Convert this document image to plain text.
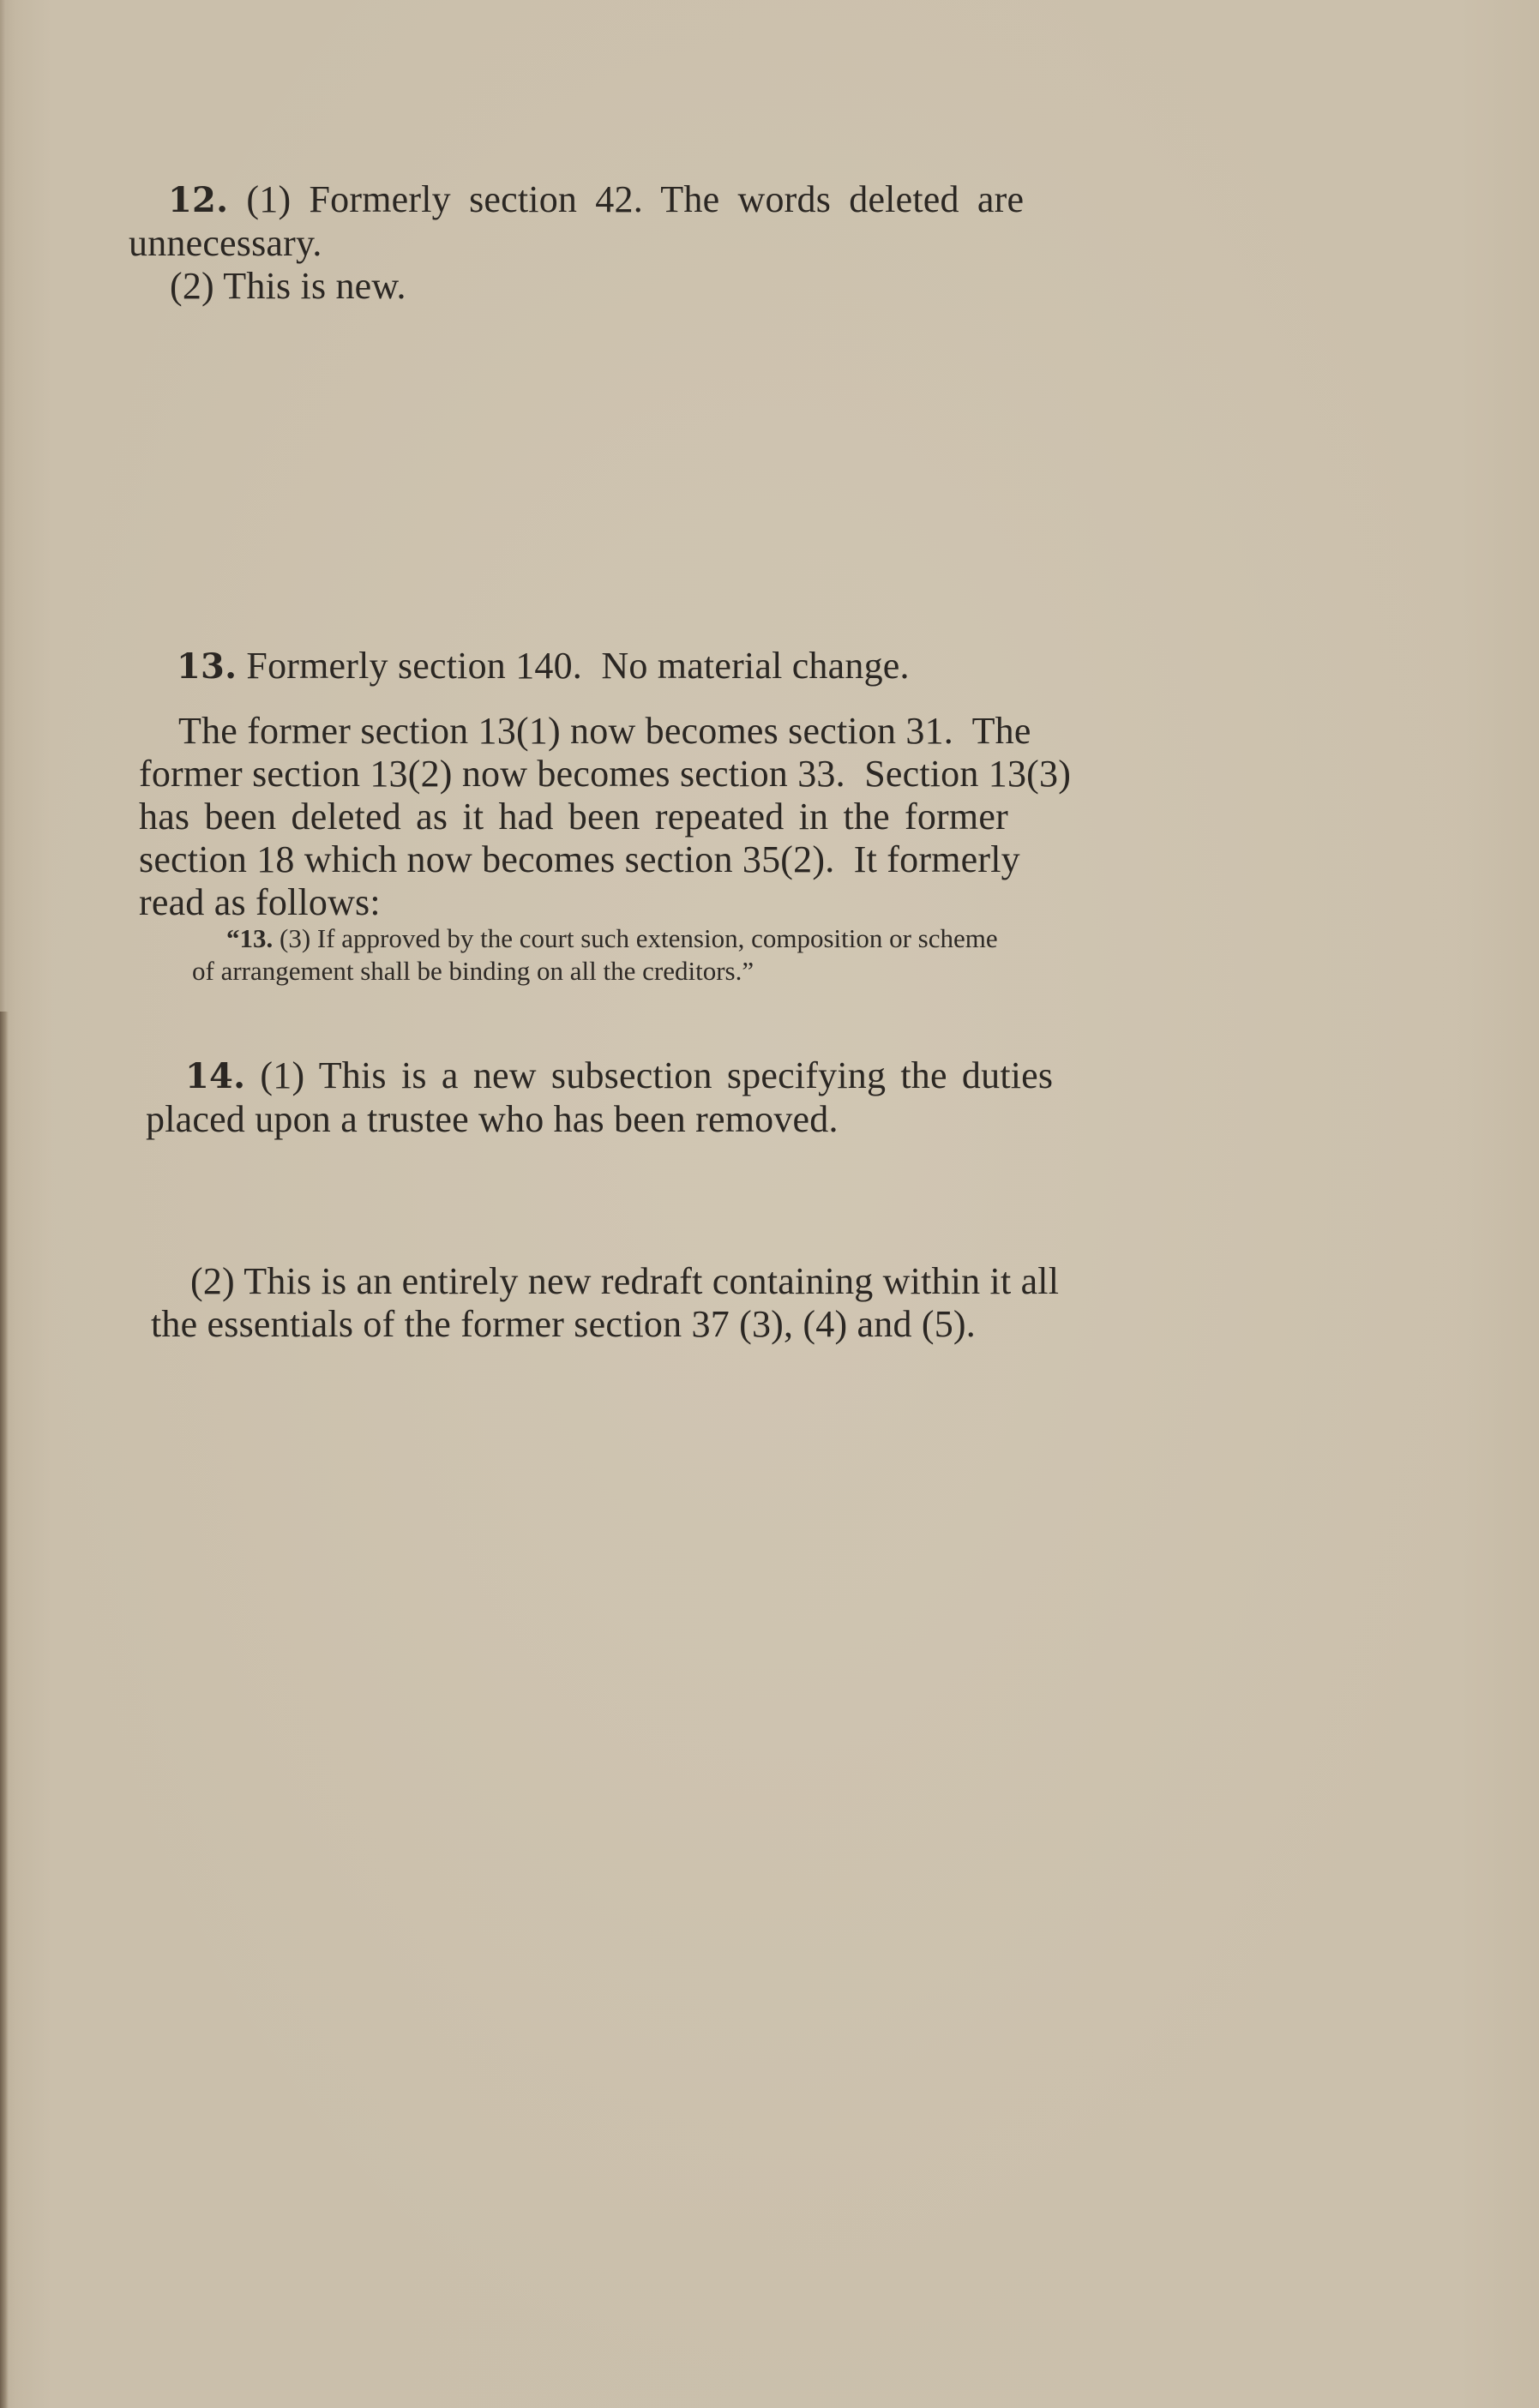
12. (1) Formerly section 42. The words deleted are
unnecessary.
(2) This is new.
13. Formerly section 140.  No material change.
The former section 13(1) now becomes section 31.  The
former section 13(2) now becomes section 33.  Section 13(3)
has been deleted as it had been repeated in the former
section 18 which now becomes section 35(2).  It formerly
read as follows:
“13. (3) If approved by the court such extension, composition or scheme
of arrangement shall be binding on all the creditors.”
14. (1) This is a new subsection specifying the duties
placed upon a trustee who has been removed.
(2) This is an entirely new redraft containing within it all
the essentials of the former section 37 (3), (4) and (5).
